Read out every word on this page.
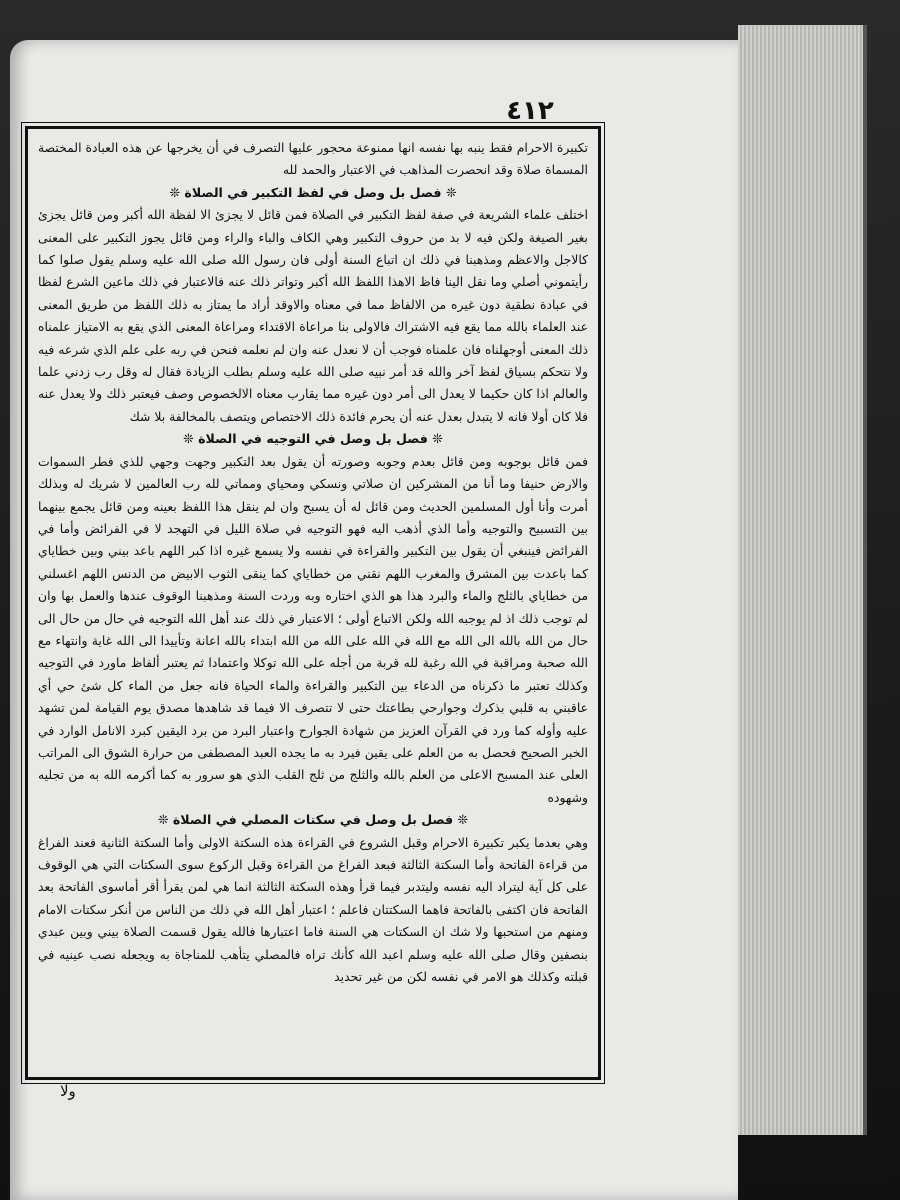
٤١٢

تكبيرة الاحرام فقط ينبه بها نفسه انها ممنوعة محجور عليها التصرف في أن يخرجها عن هذه العبادة المختصة المسماة صلاة وقد انحصرت المذاهب في الاعتبار والحمد لله

❊ فصل بل وصل في لفظ التكبير في الصلاة ❊

اختلف علماء الشريعة في صفة لفظ التكبير في الصلاة فمن قائل لا يجزئ الا لفظة الله أكبر ومن قائل يجزئ بغير الصيغة ولكن فيه لا بد من حروف التكبير وهي الكاف والباء والراء ومن قائل يجوز التكبير على المعنى كالاجل والاعظم ومذهبنا في ذلك ان اتباع السنة أولى فان رسول الله صلى الله عليه وسلم يقول صلوا كما رأيتموني أصلي وما نقل الينا فاظ الاهذا اللفظ الله أكبر وتواتر ذلك عنه فالاعتبار في ذلك ماعين الشرع لفظا في عبادة نطقية دون غيره من الالفاظ مما في معناه والاوقد أراد ما يمتاز به ذلك اللفظ من طريق المعنى عند العلماء بالله مما يقع فيه الاشتراك فالاولى بنا مراعاة الاقتداء ومراعاة المعنى الذي يقع به الامتياز علمناه ذلك المعنى أوجهلناه فان علمناه فوجب أن لا نعدل عنه وان لم نعلمه فنحن في ربه على علم الذي شرعه فيه ولا نتحكم بسياق لفظ آخر والله قد أمر نبيه صلى الله عليه وسلم بطلب الزيادة فقال له وقل رب زدني علما والعالم اذا كان حكيما لا يعدل الى أمر دون غيره مما يقارب معناه الالخصوص وصف فيعتبر ذلك ولا يعدل عنه فلا كان أولا فانه لا يتبدل بعدل عنه أن يحرم فائدة ذلك الاختصاص ويتصف بالمخالفة بلا شك

❊ فصل بل وصل في التوجيه في الصلاة ❊

فمن قائل بوجوبه ومن قائل بعدم وجوبه وصورته أن يقول بعد التكبير وجهت وجهي للذي فطر السموات والارض حنيفا وما أنا من المشركين ان صلاتي ونسكي ومحياي ومماتي لله رب العالمين لا شريك له وبذلك أمرت وأنا أول المسلمين الحديث ومن قائل له أن يسبح وان لم ينقل هذا اللفظ بعينه ومن قائل يجمع بينهما بين التسبيح والتوجيه وأما الذي أذهب اليه فهو التوجيه في صلاة الليل في التهجد لا في الفرائض وأما في الفرائض فينبغي أن يقول بين التكبير والقراءة في نفسه ولا يسمع غيره اذا كبر اللهم باعد بيني وبين خطاياي كما باعدت بين المشرق والمغرب اللهم نقني من خطاياي كما ينقى الثوب الابيض من الدنس اللهم اغسلني من خطاياي بالثلج والماء والبرد هذا هو الذي اختاره وبه وردت السنة ومذهبنا الوقوف عندها والعمل بها وان لم توجب ذلك اذ لم يوجبه الله ولكن الاتباع أولى ؛ الاعتبار في ذلك عند أهل الله التوجيه في حال من حال الى حال من الله بالله الى الله مع الله في الله على الله من الله ابتداء بالله اعانة وتأييدا الى الله غاية وانتهاء مع الله صحبة ومراقبة في الله رغبة لله قربة من أجله على الله توكلا واعتمادا ثم يعتبر ألفاظ ماورد في التوجيه وكذلك تعتبر ما ذكرناه من الدعاء بين التكبير والقراءة والماء الحياة فانه جعل من الماء كل شئ حي أي عاقبني به قلبي بذكرك وجوارحي بطاعتك حتى لا تتصرف الا فيما قد شاهدها مصدق يوم القيامة لمن تشهد عليه وأوله كما ورد في القرآن العزيز من شهادة الجوارح واعتبار البرد من برد اليقين كبرد الانامل الوارد في الخبر الصحيح فحصل به من العلم على يقين فيرد به ما يجده العبد المصطفى من حرارة الشوق الى المراتب العلى عند المسبح الاعلى من العلم بالله والثلج من ثلج القلب الذي هو سرور به كما أكرمه الله به من تجليه وشهوده

❊ فصل بل وصل في سكتات المصلي في الصلاة ❊

وهي بعدما يكبر تكبيرة الاحرام وقبل الشروع في القراءة هذه السكتة الاولى وأما السكتة الثانية فعند الفراغ من قراءة الفاتحة وأما السكتة الثالثة فبعد الفراغ من القراءة وقبل الركوع سوى السكتات التي هي الوقوف على كل آية ليتراد اليه نفسه وليتدبر فيما قرأ وهذه السكتة الثالثة انما هي لمن يقرأ أقر أماسوى الفاتحة بعد الفاتحة فان اكتفى بالفاتحة فاهما السكتتان فاعلم ؛ اعتبار أهل الله في ذلك من الناس من أنكر سكتات الامام ومنهم من استحبها ولا شك ان السكتات هي السنة فاما اعتبارها فالله يقول قسمت الصلاة بيني وبين عبدي بنصفين وقال صلى الله عليه وسلم اعبد الله كأنك تراه فالمصلي يتأهب للمناجاة به ويجعله نصب عينيه في قبلته وكذلك هو الامر في نفسه لكن من غير تحديد

ولا
